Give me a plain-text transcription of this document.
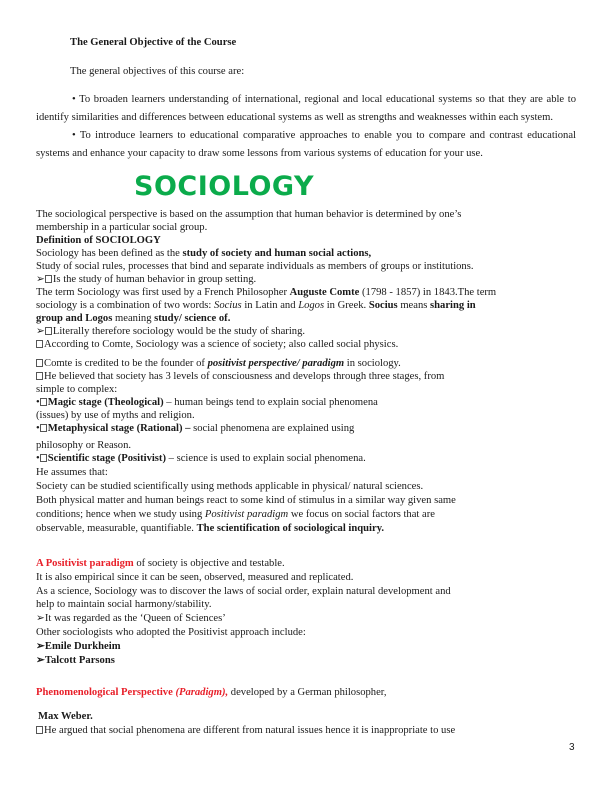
The General Objective of the Course
The general objectives of this course are:
• To broaden learners understanding of international, regional and local educational systems so that they are able to identify similarities and differences between educational systems as well as strengths and weaknesses within each system.
• To introduce learners to educational comparative approaches to enable you to compare and contrast educational systems and enhance your capacity to draw some lessons from various systems of education for your use.
SOCIOLOGY
The sociological perspective is based on the assumption that human behavior is determined by one’s
membership in a particular social group.
Definition of SOCIOLOGY
Sociology has been defined as the study of society and human social actions,
Study of social rules, processes that bind and separate individuals as members of groups or institutions.
➢ Is the study of human behavior in group setting.
The term Sociology was first used by a French Philosopher Auguste Comte (1798 - 1857) in 1843.The term
sociology is a combination of two words: Socius in Latin and Logos in Greek. Socius means sharing in
group and Logos meaning study/ science of.
➢ Literally therefore sociology would be the study of sharing.
According to Comte, Sociology was a science of society; also called social physics.
Comte is credited to be the founder of positivist perspective/ paradigm in sociology.
He believed that society has 3 levels of consciousness and develops through three stages, from
simple to complex:
• Magic stage (Theological) – human beings tend to explain social phenomena
(issues) by use of myths and religion.
• Metaphysical stage (Rational) – social phenomena are explained using
philosophy or Reason.
• Scientific stage (Positivist) – science is used to explain social phenomena.
He assumes that:
Society can be studied scientifically using methods applicable in physical/ natural sciences.
Both physical matter and human beings react to some kind of stimulus in a similar way given same
conditions; hence when we study using Positivist paradigm we focus on social factors that are
observable, measurable, quantifiable. The scientification of sociological inquiry.
A Positivist paradigm of society is objective and testable.
It is also empirical since it can be seen, observed, measured and replicated.
As a science, Sociology was to discover the laws of social order, explain natural development and
help to maintain social harmony/stability.
➢It was regarded as the ‘Queen of Sciences’
Other sociologists who adopted the Positivist approach include:
➢Emile Durkheim
➢Talcott Parsons
Phenomenological Perspective (Paradigm), developed by a German philosopher,
Max Weber.
He argued that social phenomena are different from natural issues hence it is inappropriate to use
3
